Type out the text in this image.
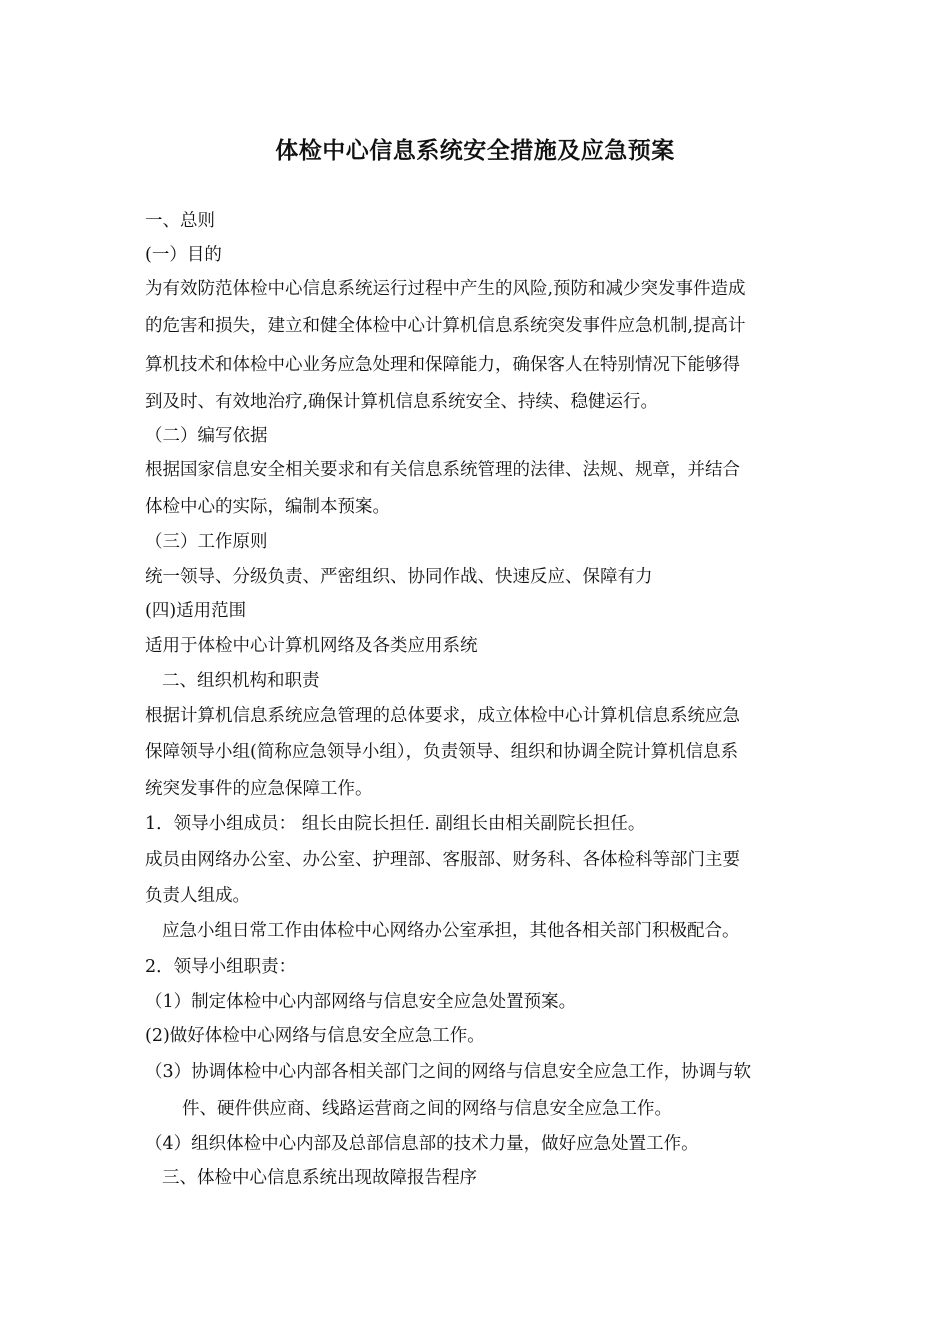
体检中心信息系统安全措施及应急预案

一、总则

(一）目的

为有效防范体检中心信息系统运行过程中产生的风险,预防和减少突发事件造成

的危害和损失，建立和健全体检中心计算机信息系统突发事件应急机制,提高计

算机技术和体检中心业务应急处理和保障能力，确保客人在特别情况下能够得

到及时、有效地治疗,确保计算机信息系统安全、持续、稳健运行。

（二）编写依据

根据国家信息安全相关要求和有关信息系统管理的法律、法规、规章，并结合

体检中心的实际，编制本预案。

（三）工作原则

统一领导、分级负责、严密组织、协同作战、快速反应、保障有力

(四)适用范围

适用于体检中心计算机网络及各类应用系统

二、组织机构和职责

根据计算机信息系统应急管理的总体要求，成立体检中心计算机信息系统应急

保障领导小组(简称应急领导小组），负责领导、组织和协调全院计算机信息系

统突发事件的应急保障工作。

1．领导小组成员： 组长由院长担任. 副组长由相关副院长担任。

成员由网络办公室、办公室、护理部、客服部、财务科、各体检科等部门主要

负责人组成。

应急小组日常工作由体检中心网络办公室承担，其他各相关部门积极配合。

2．领导小组职责：

（1）制定体检中心内部网络与信息安全应急处置预案。

(2)做好体检中心网络与信息安全应急工作。

（3）协调体检中心内部各相关部门之间的网络与信息安全应急工作，协调与软

件、硬件供应商、线路运营商之间的网络与信息安全应急工作。

（4）组织体检中心内部及总部信息部的技术力量，做好应急处置工作。

三、体检中心信息系统出现故障报告程序
